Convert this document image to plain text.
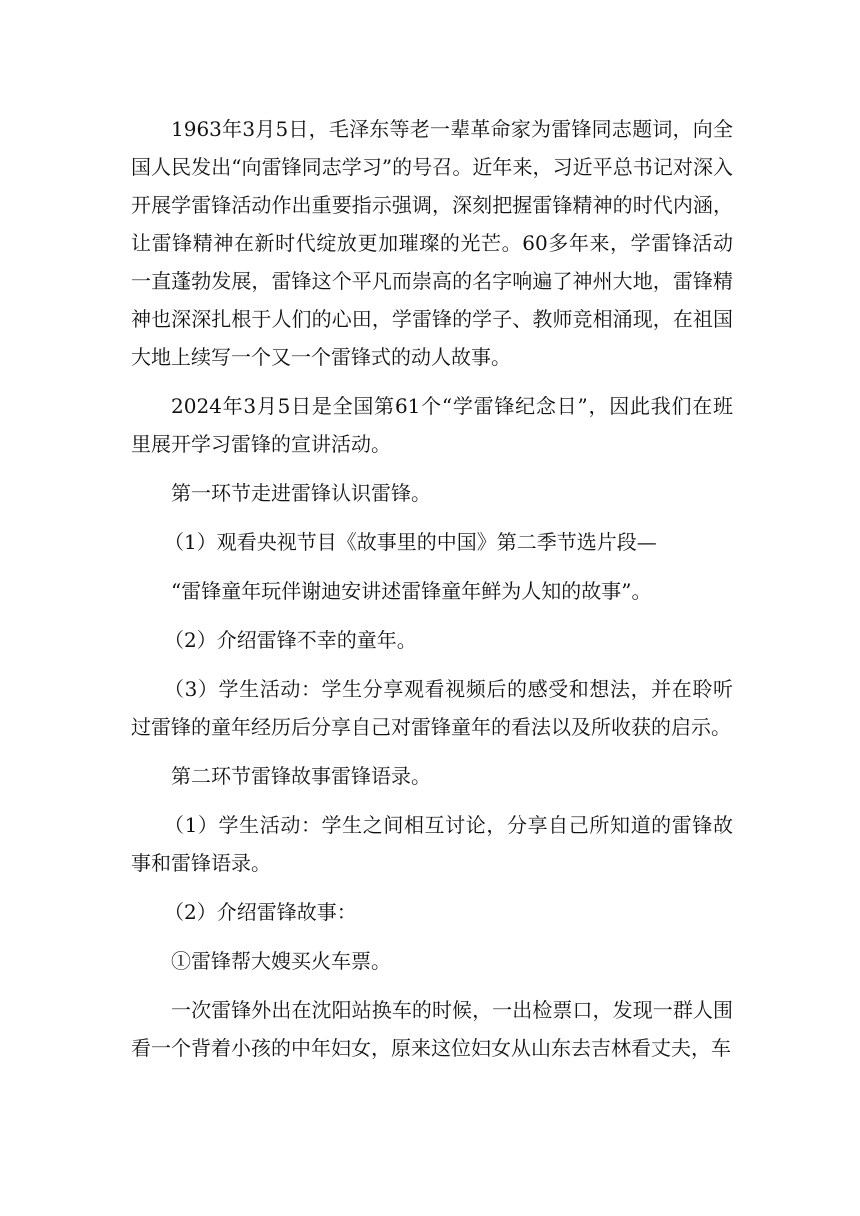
1963年3月5日，毛泽东等老一辈革命家为雷锋同志题词，向全国人民发出“向雷锋同志学习”的号召。近年来，习近平总书记对深入开展学雷锋活动作出重要指示强调，深刻把握雷锋精神的时代内涵，让雷锋精神在新时代绽放更加璀璨的光芒。60多年来，学雷锋活动一直蓬勃发展，雷锋这个平凡而崇高的名字响遍了神州大地，雷锋精神也深深扎根于人们的心田，学雷锋的学子、教师竞相涌现，在祖国大地上续写一个又一个雷锋式的动人故事。

2024年3月5日是全国第61个“学雷锋纪念日”，因此我们在班里展开学习雷锋的宣讲活动。

第一环节走进雷锋认识雷锋。

（1）观看央视节目《故事里的中国》第二季节选片段—

“雷锋童年玩伴谢迪安讲述雷锋童年鲜为人知的故事”。

（2）介绍雷锋不幸的童年。

（3）学生活动：学生分享观看视频后的感受和想法，并在聆听过雷锋的童年经历后分享自己对雷锋童年的看法以及所收获的启示。

第二环节雷锋故事雷锋语录。

（1）学生活动：学生之间相互讨论，分享自己所知道的雷锋故事和雷锋语录。

（2）介绍雷锋故事：

①雷锋帮大嫂买火车票。

一次雷锋外出在沈阳站换车的时候，一出检票口，发现一群人围看一个背着小孩的中年妇女，原来这位妇女从山东去吉林看丈夫，车
